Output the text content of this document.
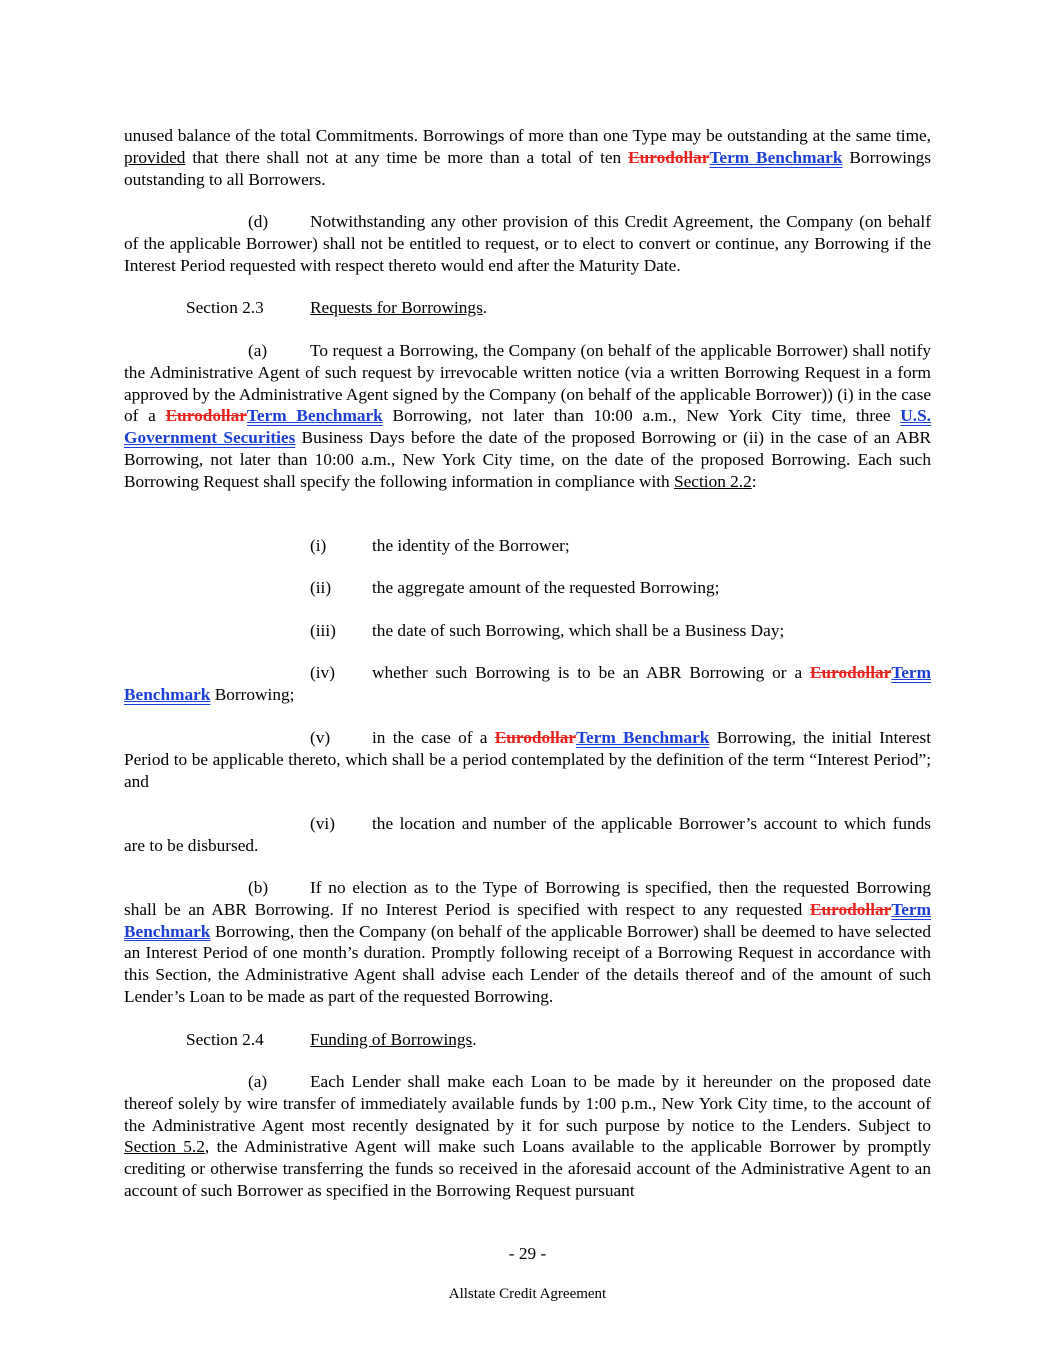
unused balance of the total Commitments. Borrowings of more than one Type may be outstanding at the same time, provided that there shall not at any time be more than a total of ten EurodollarTerm Benchmark Borrowings outstanding to all Borrowers.

(d) Notwithstanding any other provision of this Credit Agreement, the Company (on behalf of the applicable Borrower) shall not be entitled to request, or to elect to convert or continue, any Borrowing if the Interest Period requested with respect thereto would end after the Maturity Date.

Section 2.3	Requests for Borrowings.

(a) To request a Borrowing, the Company (on behalf of the applicable Borrower) shall notify the Administrative Agent of such request by irrevocable written notice (via a written Borrowing Request in a form approved by the Administrative Agent signed by the Company (on behalf of the applicable Borrower)) (i) in the case of a EurodollarTerm Benchmark Borrowing, not later than 10:00 a.m., New York City time, three U.S. Government Securities Business Days before the date of the proposed Borrowing or (ii) in the case of an ABR Borrowing, not later than 10:00 a.m., New York City time, on the date of the proposed Borrowing. Each such Borrowing Request shall specify the following information in compliance with Section 2.2:

(i)	the identity of the Borrower;
(ii) the aggregate amount of the requested Borrowing;
(iii) the date of such Borrowing, which shall be a Business Day;

(iv) whether such Borrowing is to be an ABR Borrowing or a EurodollarTerm Benchmark Borrowing;

(v) in the case of a EurodollarTerm Benchmark Borrowing, the initial Interest Period to be applicable thereto, which shall be a period contemplated by the definition of the term “Interest Period”; and

(vi) the location and number of the applicable Borrower’s account to which funds are to be disbursed.

(b) If no election as to the Type of Borrowing is specified, then the requested Borrowing shall be an ABR Borrowing. If no Interest Period is specified with respect to any requested EurodollarTerm Benchmark Borrowing, then the Company (on behalf of the applicable Borrower) shall be deemed to have selected an Interest Period of one month’s duration. Promptly following receipt of a Borrowing Request in accordance with this Section, the Administrative Agent shall advise each Lender of the details thereof and of the amount of such Lender’s Loan to be made as part of the requested Borrowing.

Section 2.4	Funding of Borrowings.

(a) Each Lender shall make each Loan to be made by it hereunder on the proposed date thereof solely by wire transfer of immediately available funds by 1:00 p.m., New York City time, to the account of the Administrative Agent most recently designated by it for such purpose by notice to the Lenders. Subject to Section 5.2, the Administrative Agent will make such Loans available to the applicable Borrower by promptly crediting or otherwise transferring the funds so received in the aforesaid account of the Administrative Agent to an account of such Borrower as specified in the Borrowing Request pursuant

- 29 -
Allstate Credit Agreement
